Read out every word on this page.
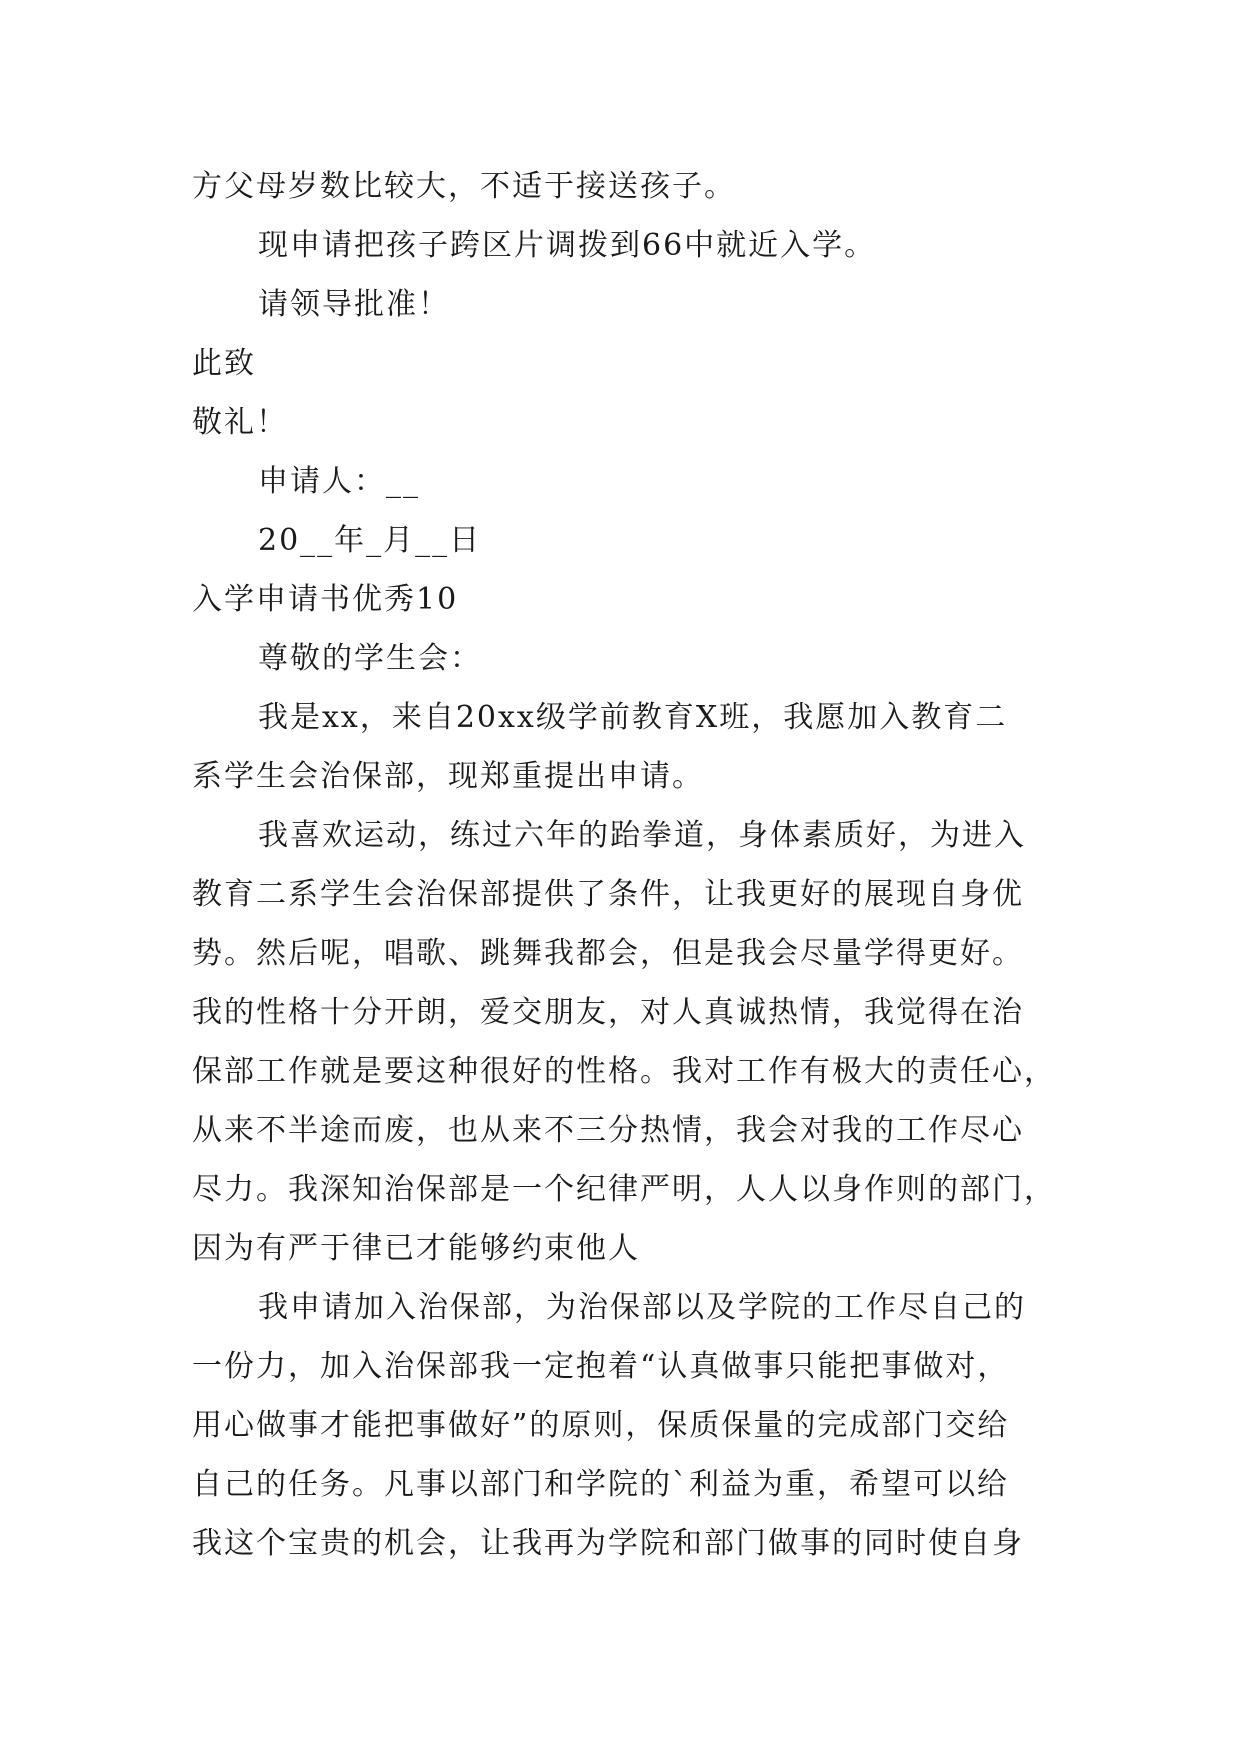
方父母岁数比较大，不适于接送孩子。
现申请把孩子跨区片调拨到66中就近入学。
请领导批准！
此致
敬礼！
申请人：__
20__年_月__日
入学申请书优秀10
尊敬的学生会：
我是xx，来自20xx级学前教育X班，我愿加入教育二
系学生会治保部，现郑重提出申请。
我喜欢运动，练过六年的跆拳道，身体素质好，为进入
教育二系学生会治保部提供了条件，让我更好的展现自身优
势。然后呢，唱歌、跳舞我都会，但是我会尽量学得更好。
我的性格十分开朗，爱交朋友，对人真诚热情，我觉得在治
保部工作就是要这种很好的性格。我对工作有极大的责任心，
从来不半途而废，也从来不三分热情，我会对我的工作尽心
尽力。我深知治保部是一个纪律严明，人人以身作则的部门，
因为有严于律已才能够约束他人
我申请加入治保部，为治保部以及学院的工作尽自己的
一份力，加入治保部我一定抱着“认真做事只能把事做对，
用心做事才能把事做好”的原则，保质保量的完成部门交给
自己的任务。凡事以部门和学院的`利益为重，希望可以给
我这个宝贵的机会，让我再为学院和部门做事的同时使自身
